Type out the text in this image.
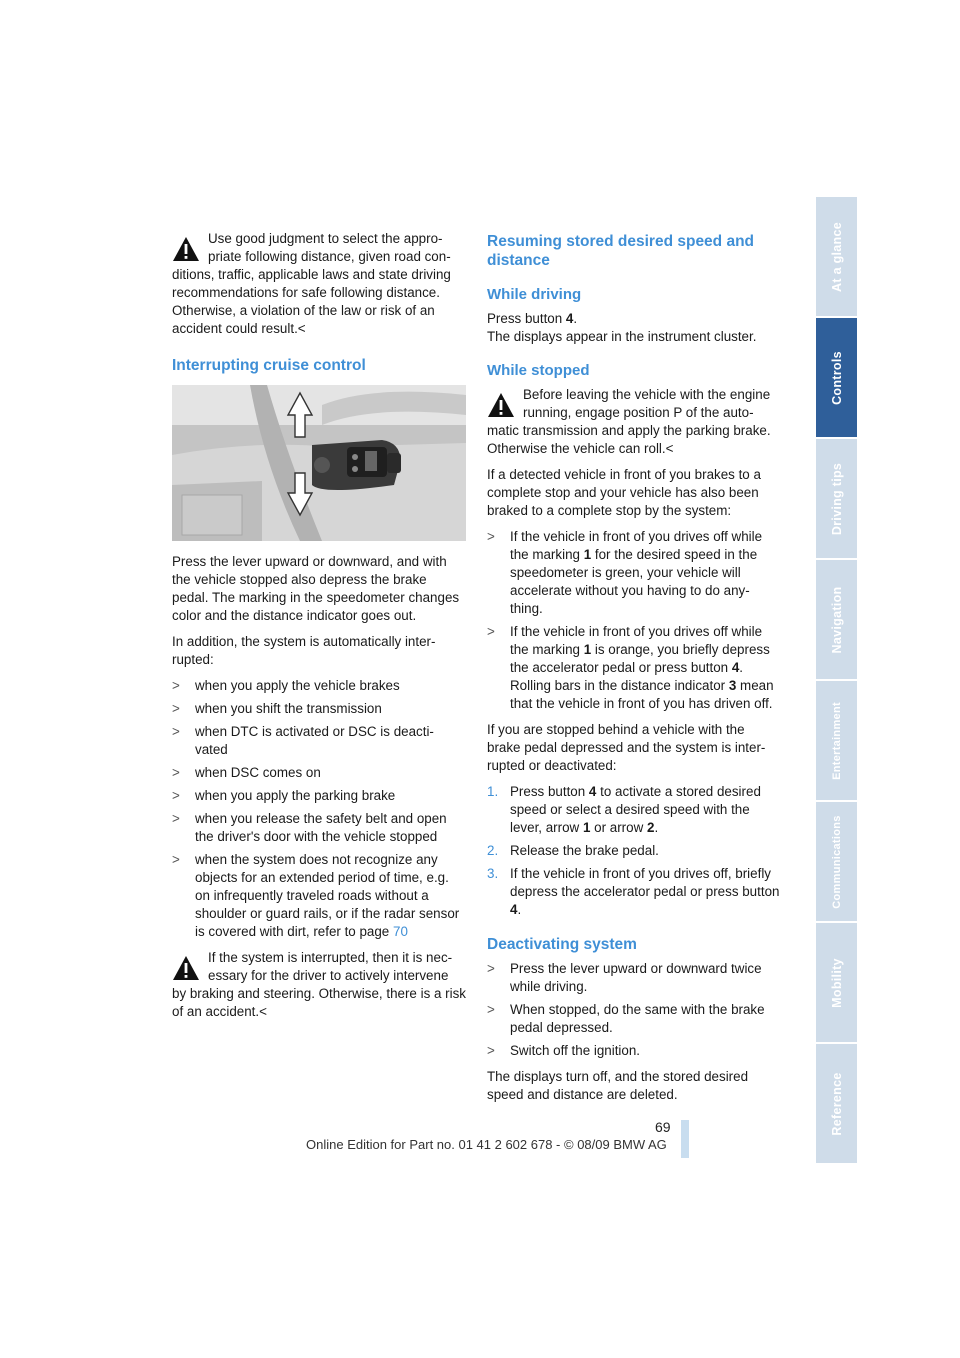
Use good judgment to select the appro-
priate following distance, given road con-

ditions, traffic, applicable laws and state driving recommendations for safe following distance. Otherwise, a violation of the law or risk of an accident could result.<

Interrupting cruise control

Press the lever upward or downward, and with the vehicle stopped also depress the brake pedal. The marking in the speedometer changes color and the distance indicator goes out.

In addition, the system is automatically inter-
rupted:

> when you apply the vehicle brakes
> when you shift the transmission
> when DTC is activated or DSC is deacti-
vated
> when DSC comes on
> when you apply the parking brake
> when you release the safety belt and open the driver's door with the vehicle stopped
> when the system does not recognize any objects for an extended period of time, e.g. on infrequently traveled roads without a shoulder or guard rails, or if the radar sensor is covered with dirt, refer to page 70

If the system is interrupted, then it is nec-
essary for the driver to actively intervene

by braking and steering. Otherwise, there is a risk of an accident.<

Resuming stored desired speed and distance
While driving

Press button 4.

The displays appear in the instrument cluster.

While stopped

Before leaving the vehicle with the engine
running, engage position P of the auto-

matic transmission and apply the parking brake. Otherwise the vehicle can roll.<

If a detected vehicle in front of you brakes to a complete stop and your vehicle has also been braked to a complete stop by the system:

> If the vehicle in front of you drives off while the marking 1 for the desired speed in the speedometer is green, your vehicle will accelerate without you having to do any-
thing.
> If the vehicle in front of you drives off while the marking 1 is orange, you briefly depress the accelerator pedal or press button 4. Rolling bars in the distance indicator 3 mean that the vehicle in front of you has driven off.

If you are stopped behind a vehicle with the brake pedal depressed and the system is inter-
rupted or deactivated:

1. Press button 4 to activate a stored desired speed or select a desired speed with the lever, arrow 1 or arrow 2.
2. Release the brake pedal.
3. If the vehicle in front of you drives off, briefly depress the accelerator pedal or press button 4.
Deactivating system
> Press the lever upward or downward twice while driving.
> When stopped, do the same with the brake pedal depressed.
> Switch off the ignition.

The displays turn off, and the stored desired speed and distance are deleted.

At a glance
Controls
Driving tips
Navigation
Entertainment
Communications
Mobility
Reference
69
Online Edition for Part no. 01 41 2 602 678 - © 08/09 BMW AG
